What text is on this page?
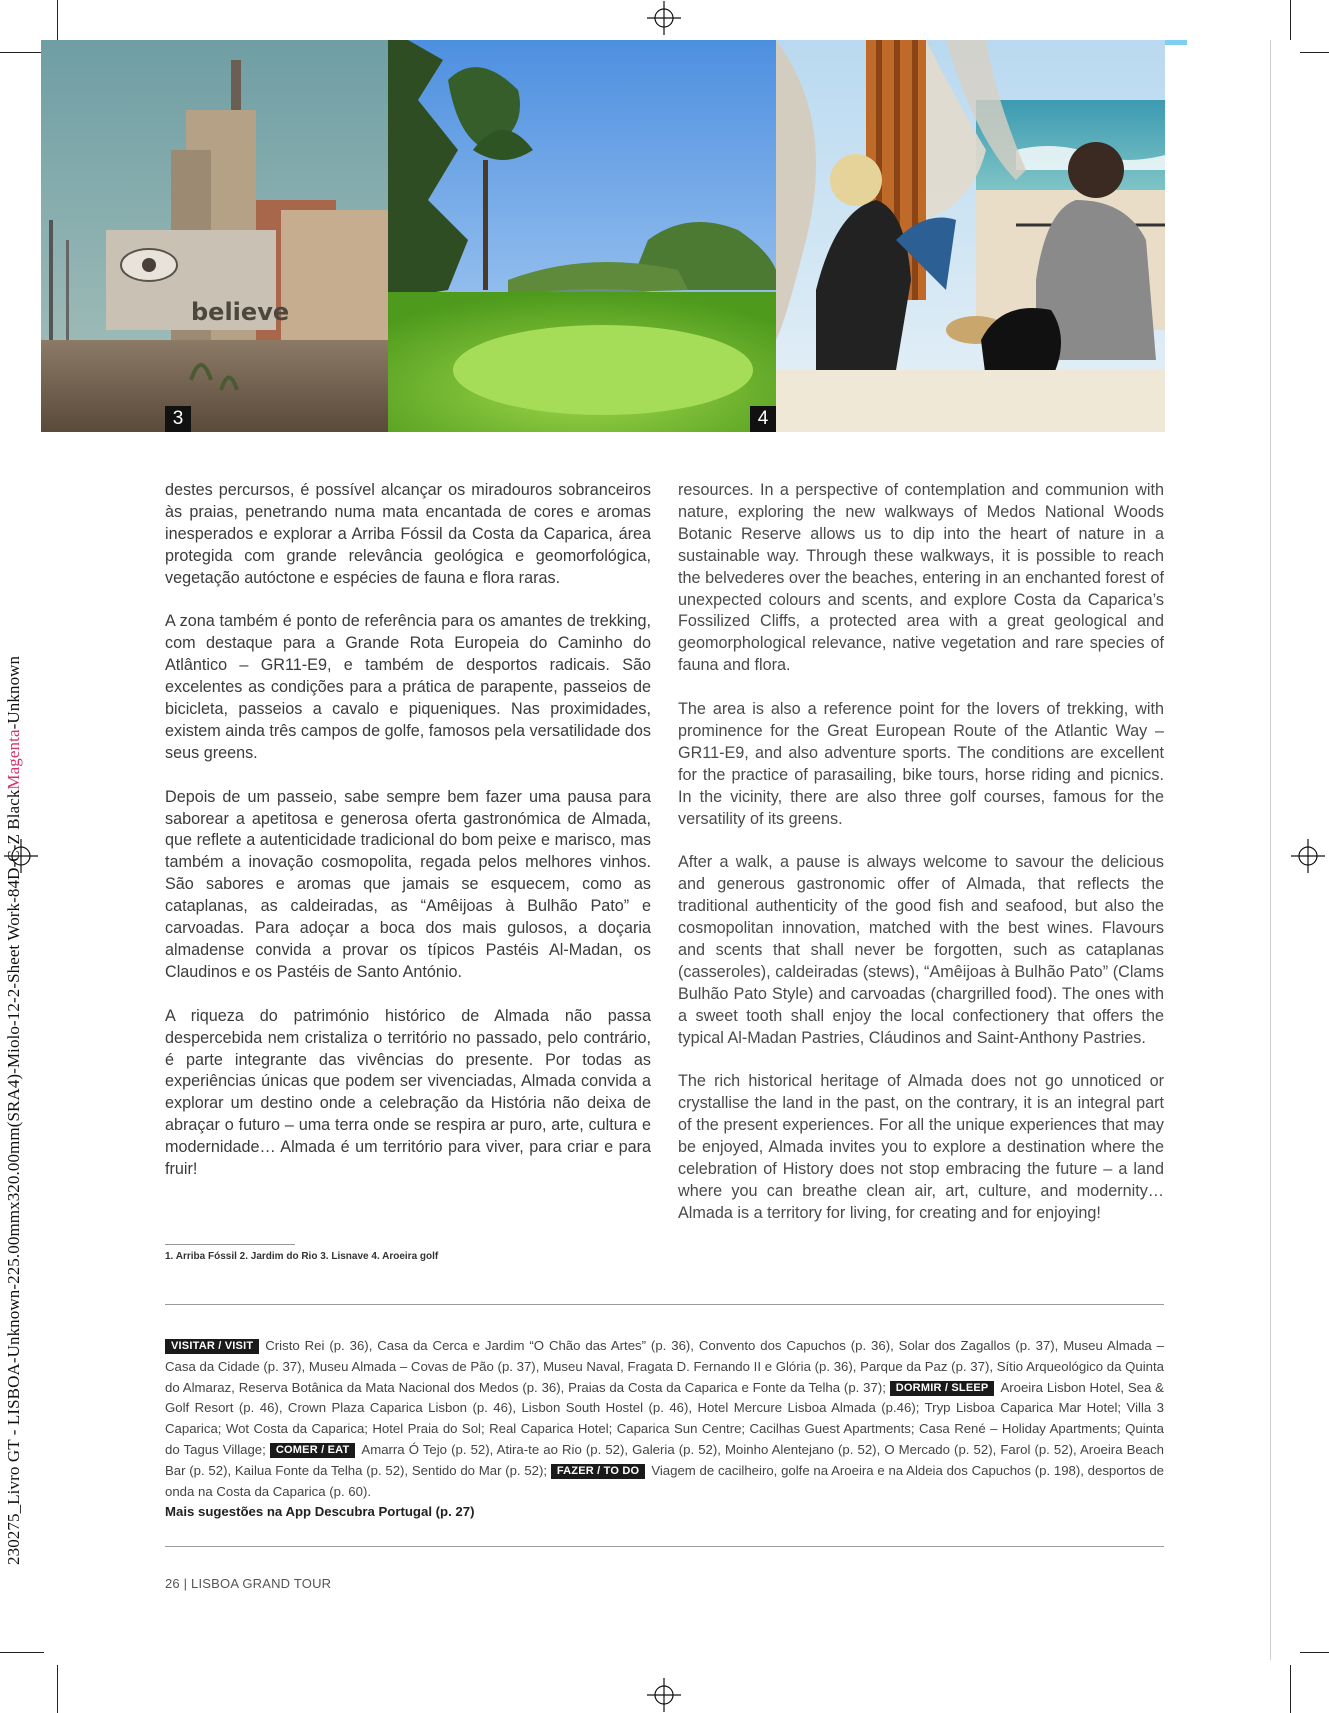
230275_Livro GT - LISBOA-Unknown-225.00mmx320.00mm(SRA4)-Miolo-12-2-Sheet Work-84D-C-Z BlackMagenta-Unknown
believe
3	4

destes percursos, é possível alcançar os miradouros sobranceiros às praias, penetrando numa mata encantada de cores e aromas inesperados e explorar a Arriba Fóssil da Costa da Caparica, área protegida com grande relevância geológica e geomorfológica, vegetação autóctone e espécies de fauna e flora raras.

A zona também é ponto de referência para os amantes de trekking, com destaque para a Grande Rota Europeia do Caminho do Atlântico – GR11-E9, e também de desportos radicais. São excelentes as condições para a prática de parapente, passeios de bicicleta, passeios a cavalo e piqueniques. Nas proximidades, existem ainda três campos de golfe, famosos pela versatilidade dos seus greens.

Depois de um passeio, sabe sempre bem fazer uma pausa para saborear a apetitosa e generosa oferta gastronómica de Almada, que reflete a autenticidade tradicional do bom peixe e marisco, mas também a inovação cosmopolita, regada pelos melhores vinhos. São sabores e aromas que jamais se esquecem, como as cataplanas, as caldeiradas, as “Amêijoas à Bulhão Pato” e carvoadas. Para adoçar a boca dos mais gulosos, a doçaria almadense convida a provar os típicos Pastéis Al-Madan, os Claudinos e os Pastéis de Santo António.

A riqueza do património histórico de Almada não passa despercebida nem cristaliza o território no passado, pelo contrário, é parte integrante das vivências do presente. Por todas as experiências únicas que podem ser vivenciadas, Almada convida a explorar um destino onde a celebração da História não deixa de abraçar o futuro – uma terra onde se respira ar puro, arte, cultura e modernidade… Almada é um território para viver, para criar e para fruir!

resources. In a perspective of contemplation and communion with nature, exploring the new walkways of Medos National Woods Botanic Reserve allows us to dip into the heart of nature in a sustainable way. Through these walkways, it is possible to reach the belvederes over the beaches, entering in an enchanted forest of unexpected colours and scents, and explore Costa da Caparica’s Fossilized Cliffs, a protected area with a great geological and geomorphological relevance, native vegetation and rare species of fauna and flora.

The area is also a reference point for the lovers of trekking, with prominence for the Great European Route of the Atlantic Way – GR11-E9, and also adventure sports. The conditions are excellent for the practice of parasailing, bike tours, horse riding and picnics. In the vicinity, there are also three golf courses, famous for the versatility of its greens.

After a walk, a pause is always welcome to savour the delicious and generous gastronomic offer of Almada, that reflects the traditional authenticity of the good fish and seafood, but also the cosmopolitan innovation, matched with the best wines. Flavours and scents that shall never be forgotten, such as cataplanas (casseroles), caldeiradas (stews), “Amêijoas à Bulhão Pato” (Clams Bulhão Pato Style) and carvoadas (chargrilled food). The ones with a sweet tooth shall enjoy the local confectionery that offers the typical Al-Madan Pastries, Cláudinos and Saint-Anthony Pastries.

The rich historical heritage of Almada does not go unnoticed or crystallise the land in the past, on the contrary, it is an integral part of the present experiences. For all the unique experiences that may be enjoyed, Almada invites you to explore a destination where the celebration of History does not stop embracing the future – a land where you can breathe clean air, art, culture, and modernity… Almada is a territory for living, for creating and for enjoying!

1. Arriba Fóssil 2. Jardim do Rio 3. Lisnave 4. Aroeira golf
VISITAR / VISIT Cristo Rei (p. 36), Casa da Cerca e Jardim “O Chão das Artes” (p. 36), Convento dos Capuchos (p. 36), Solar dos Zagallos (p. 37), Museu Almada – Casa da Cidade (p. 37), Museu Almada – Covas de Pão (p. 37), Museu Naval, Fragata D. Fernando II e Glória (p. 36), Parque da Paz (p. 37), Sítio Arqueológico da Quinta do Almaraz, Reserva Botânica da Mata Nacional dos Medos (p. 36), Praias da Costa da Caparica e Fonte da Telha (p. 37); DORMIR / SLEEP Aroeira Lisbon Hotel, Sea & Golf Resort (p. 46), Crown Plaza Caparica Lisbon (p. 46), Lisbon South Hostel (p. 46), Hotel Mercure Lisboa Almada (p.46); Tryp Lisboa Caparica Mar Hotel; Villa 3 Caparica; Wot Costa da Caparica; Hotel Praia do Sol; Real Caparica Hotel; Caparica Sun Centre; Cacilhas Guest Apartments; Casa René – Holiday Apartments; Quinta do Tagus Village; COMER / EAT Amarra Ó Tejo (p. 52), Atira-te ao Rio (p. 52), Galeria (p. 52), Moinho Alentejano (p. 52), O Mercado (p. 52), Farol (p. 52), Aroeira Beach Bar (p. 52), Kailua Fonte da Telha (p. 52), Sentido do Mar (p. 52); FAZER / TO DO Viagem de cacilheiro, golfe na Aroeira e na Aldeia dos Capuchos (p. 198), desportos de onda na Costa da Caparica (p. 60).
Mais sugestões na App Descubra Portugal (p. 27)
26 | LISBOA GRAND TOUR
